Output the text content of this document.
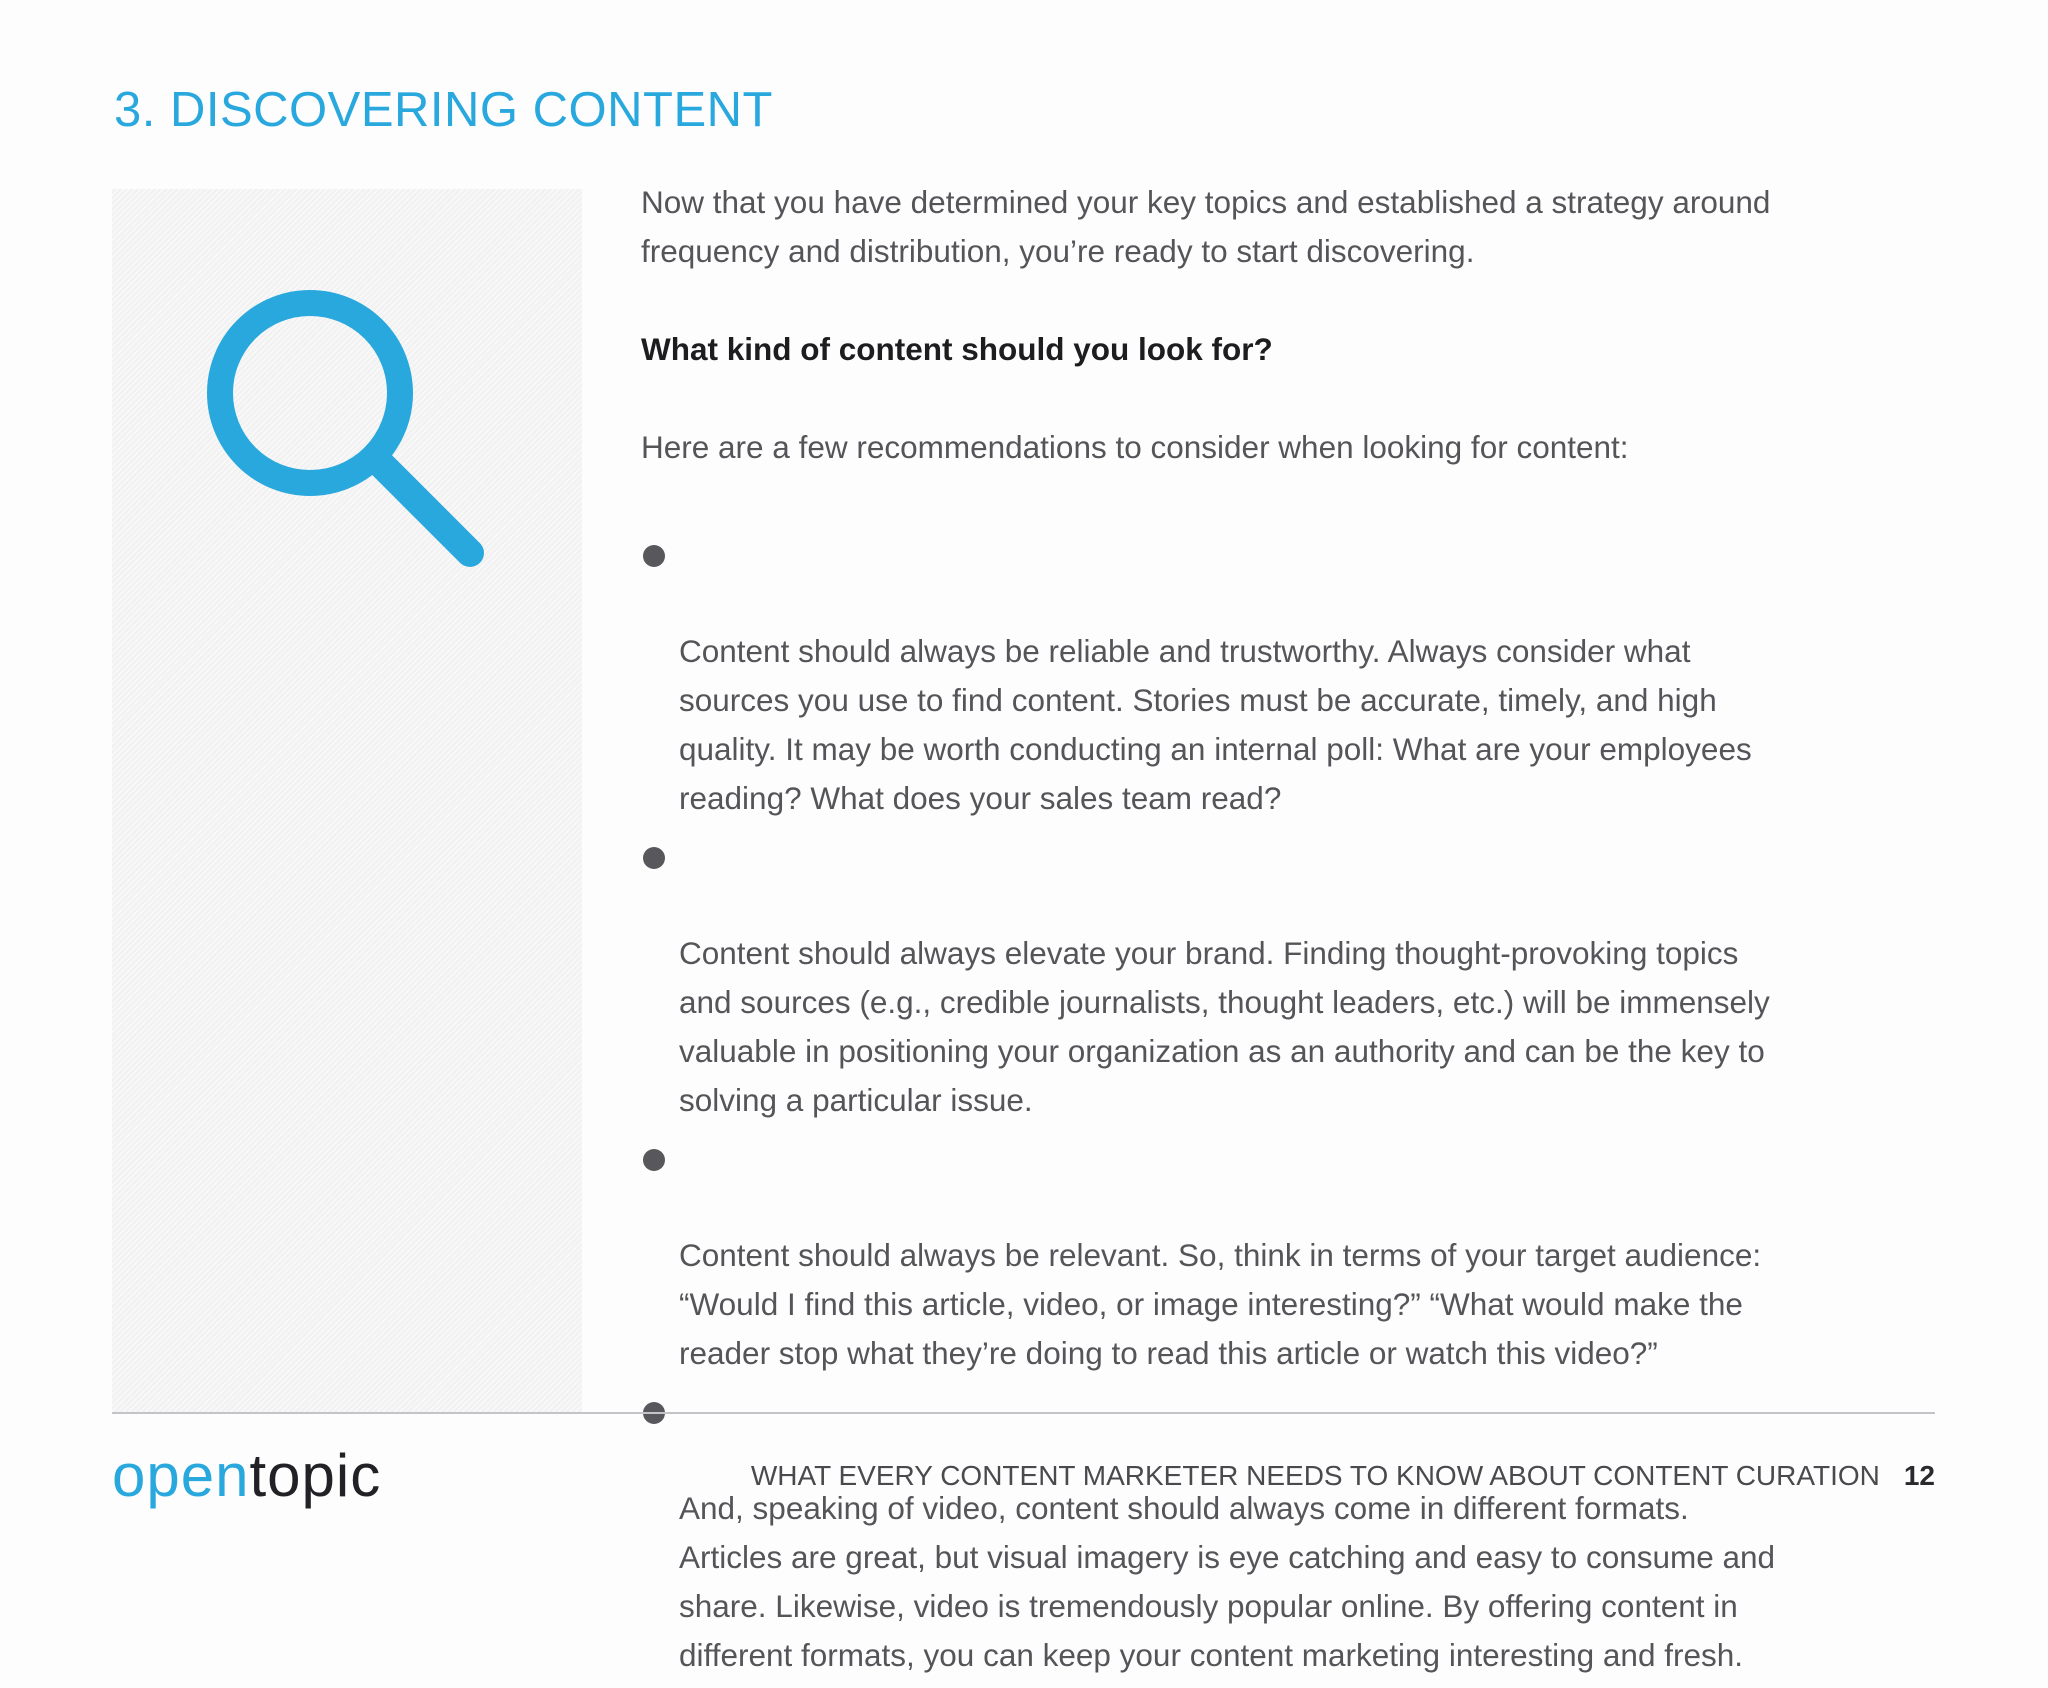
3. DISCOVERING CONTENT

Now that you have determined your key topics and established a strategy around

frequency and distribution, you’re ready to start discovering.

What kind of content should you look for?

Here are a few recommendations to consider when looking for content:

Content should always be reliable and trustworthy. Always consider what
sources you use to find content. Stories must be accurate, timely, and high
quality. It may be worth conducting an internal poll: What are your employees
reading? What does your sales team read?

Content should always elevate your brand. Finding thought-provoking topics
and sources (e.g., credible journalists, thought leaders, etc.) will be immensely
valuable in positioning your organization as an authority and can be the key to
solving a particular issue.

Content should always be relevant. So, think in terms of your target audience:
“Would I find this article, video, or image interesting?” “What would make the
reader stop what they’re doing to read this article or watch this video?”

And, speaking of video, content should always come in different formats.
Articles are great, but visual imagery is eye catching and easy to consume and
share. Likewise, video is tremendously popular online. By offering content in
different formats, you can keep your content marketing interesting and fresh.

opentopic	WHAT EVERY CONTENT MARKETER NEEDS TO KNOW ABOUT CONTENT CURATION 12
